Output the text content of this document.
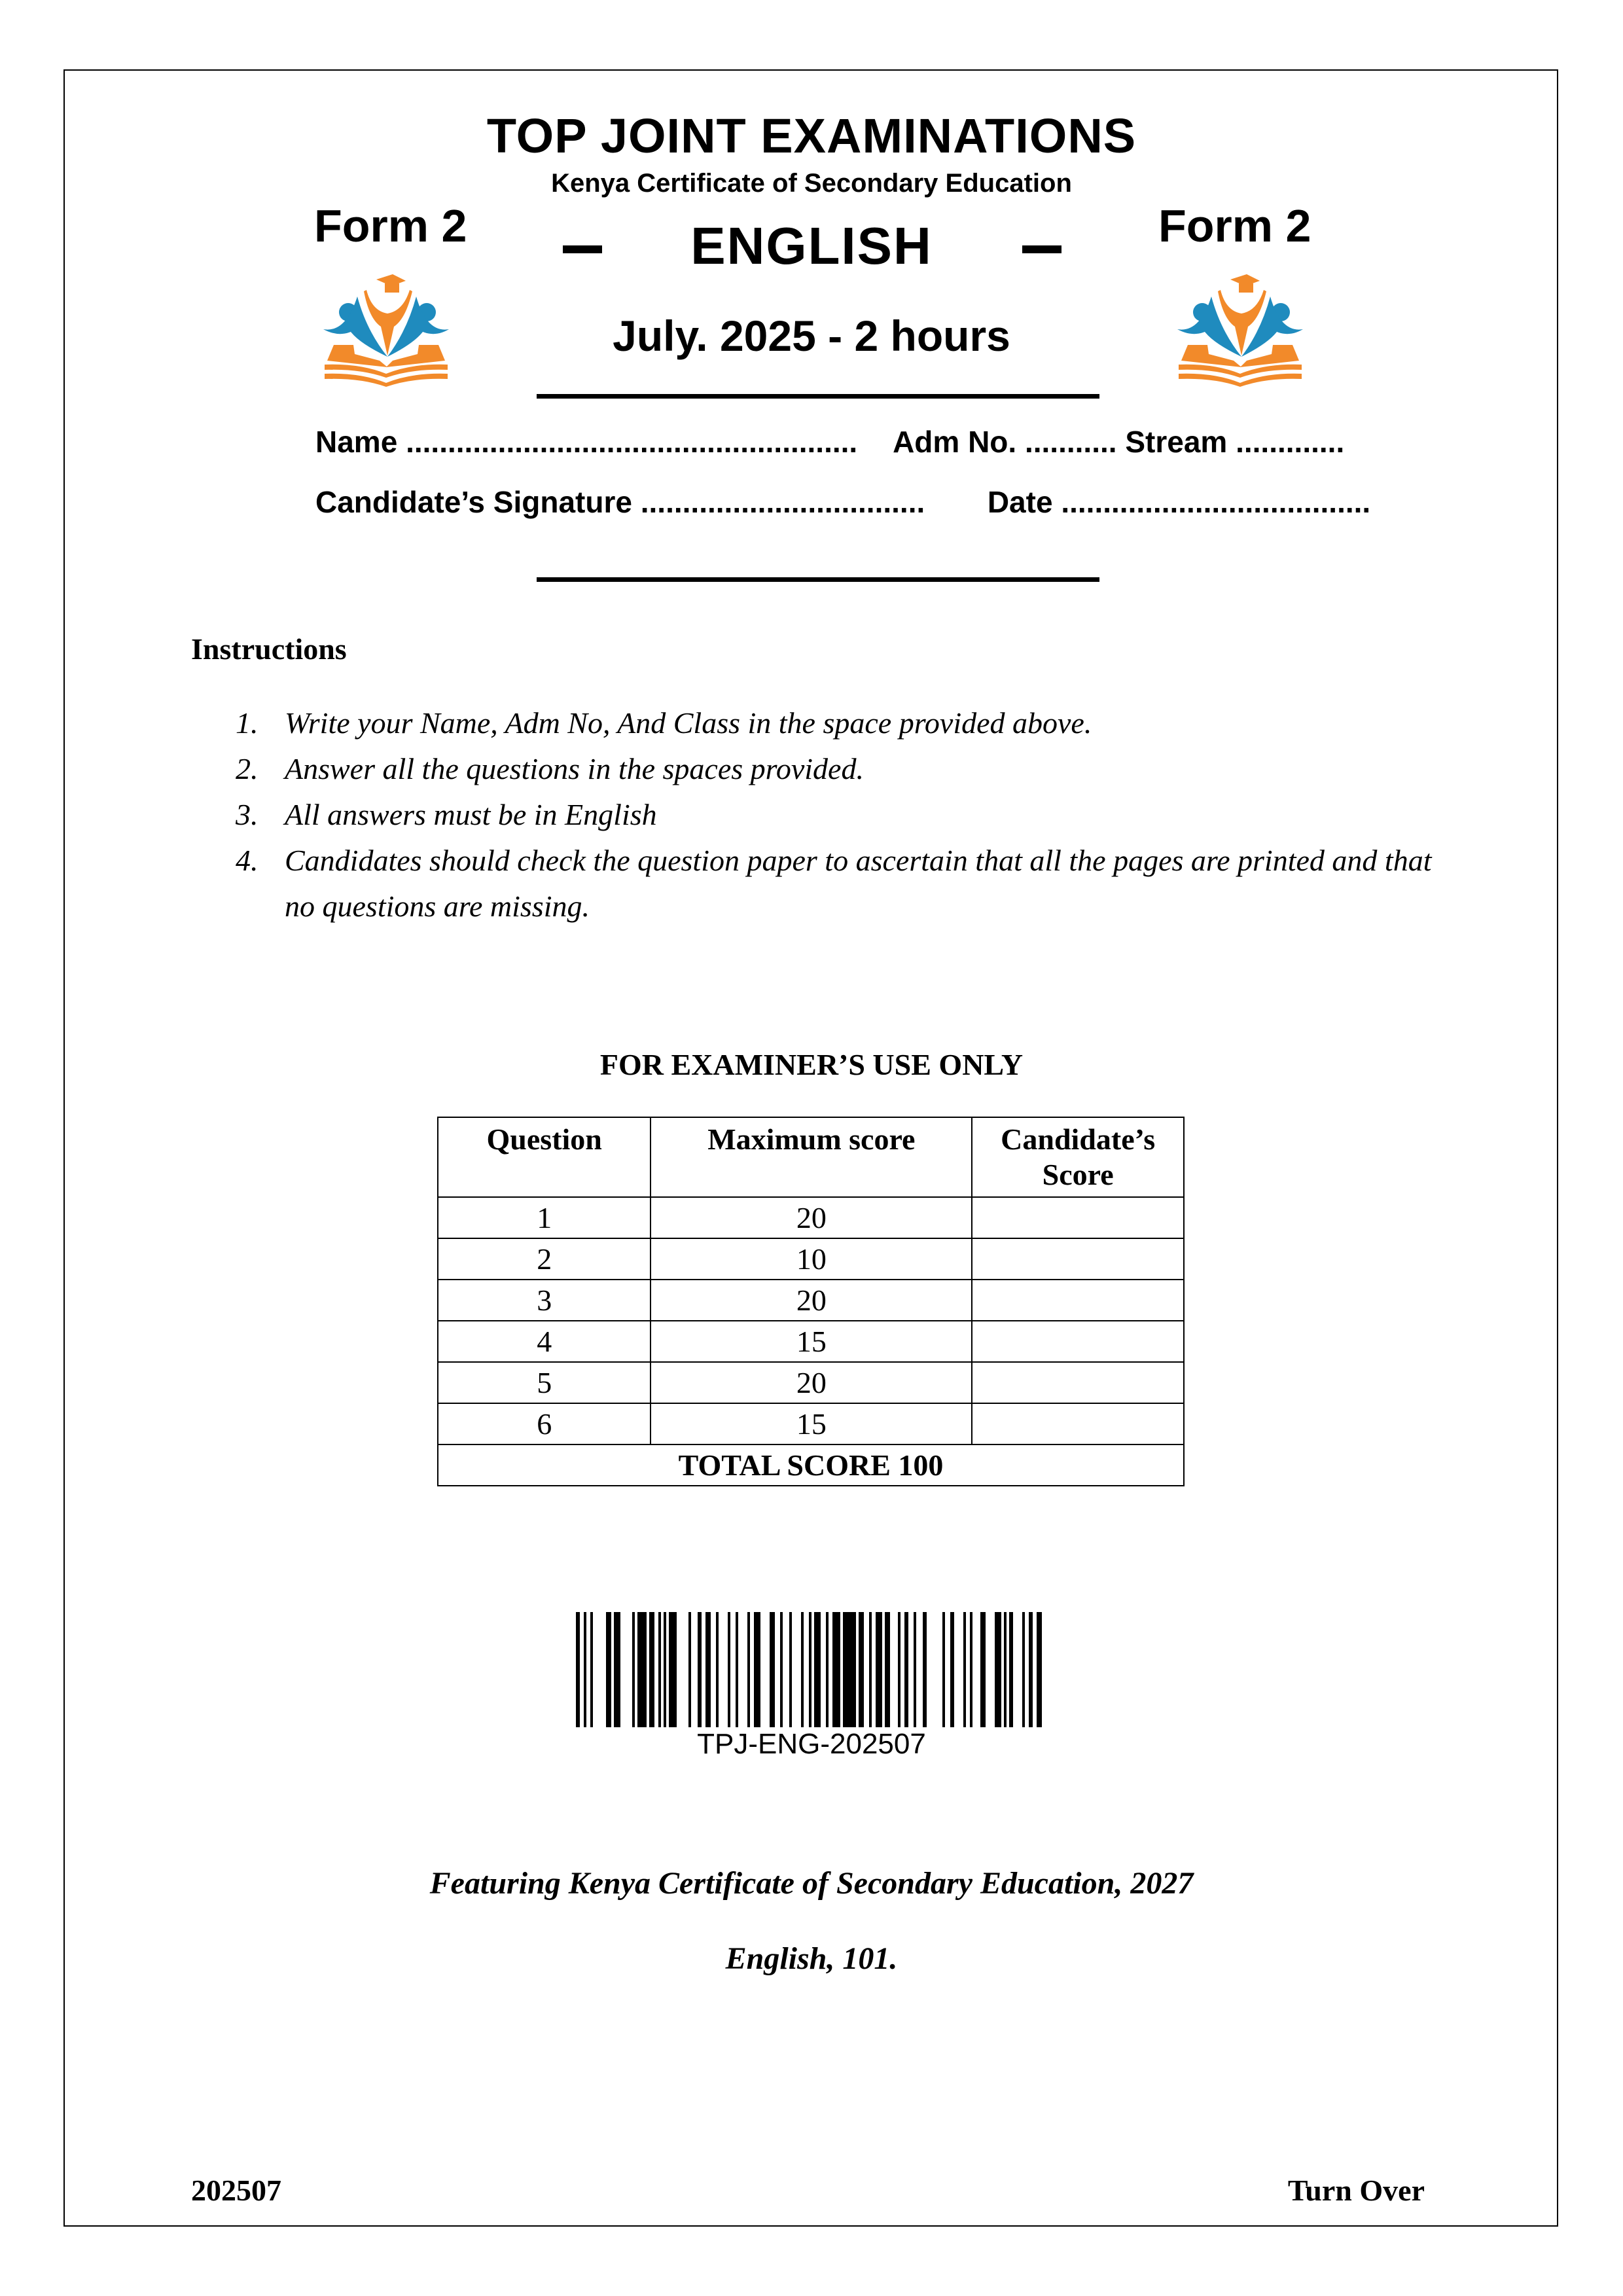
TOP JOINT EXAMINATIONS
Kenya Certificate of Secondary Education
Form 2	Form 2
ENGLISH
July. 2025 - 2 hours
Name ...................................................... Adm No. ........... Stream .............
Candidate’s Signature .................................. Date .....................................
Instructions
1. Write your Name, Adm No, And Class in the space provided above.
2. Answer all the questions in the spaces provided.
3. All answers must be in English
4. Candidates should check the question paper to ascertain that all the pages are printed and that no questions are missing.
FOR EXAMINER’S USE ONLY
Question	Maximum score	Candidate’s Score
1	20	
2	10	
3	20	
4	15	
5	20	
6	15	
TOTAL SCORE 100		
TPJ-ENG-202507
Featuring Kenya Certificate of Secondary Education, 2027
English, 101.
202507	Turn Over
